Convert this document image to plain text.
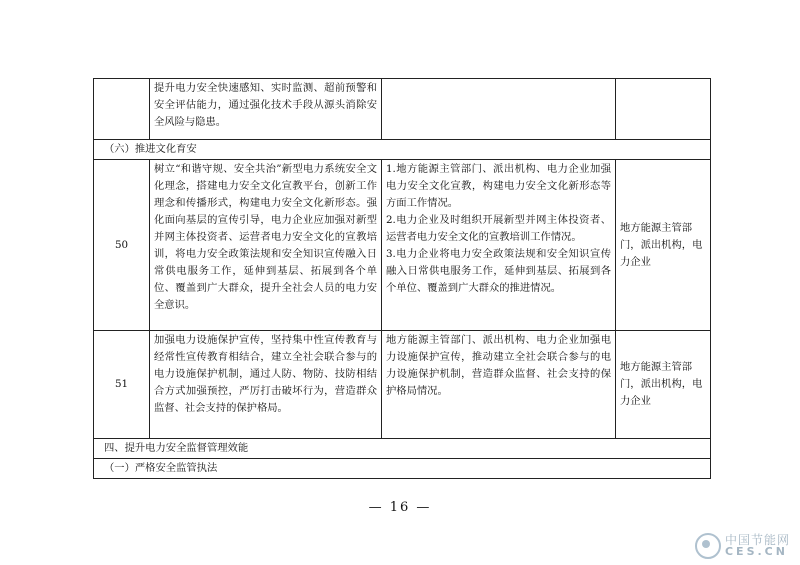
	提升电力安全快速感知、实时监测、超前预警和安全评估能力，通过强化技术手段从源头消除安全风险与隐患。		
（六）推进文化育安			
50	树立“和谐守规、安全共治”新型电力系统安全文化理念，搭建电力安全文化宣教平台，创新工作理念和传播形式，构建电力安全文化新形态。强化面向基层的宣传引导，电力企业应加强对新型并网主体投资者、运营者电力安全文化的宣教培训，将电力安全政策法规和安全知识宣传融入日常供电服务工作，延伸到基层、拓展到各个单位、覆盖到广大群众，提升全社会人员的电力安全意识。	1.地方能源主管部门、派出机构、电力企业加强电力安全文化宣教，构建电力安全文化新形态等方面工作情况。
2.电力企业及时组织开展新型并网主体投资者、运营者电力安全文化的宣教培训工作情况。
3.电力企业将电力安全政策法规和安全知识宣传融入日常供电服务工作，延伸到基层、拓展到各个单位、覆盖到广大群众的推进情况。	地方能源主管部门，派出机构，电力企业
51	加强电力设施保护宣传，坚持集中性宣传教育与经常性宣传教育相结合，建立全社会联合参与的电力设施保护机制，通过人防、物防、技防相结合方式加强预控，严厉打击破坏行为，营造群众监督、社会支持的保护格局。	地方能源主管部门、派出机构、电力企业加强电力设施保护宣传，推动建立全社会联合参与的电力设施保护机制，营造群众监督、社会支持的保护格局情况。	地方能源主管部门，派出机构，电力企业
四、提升电力安全监督管理效能			
（一）严格安全监管执法			
— 16 —
中国节能网
CES.CN
